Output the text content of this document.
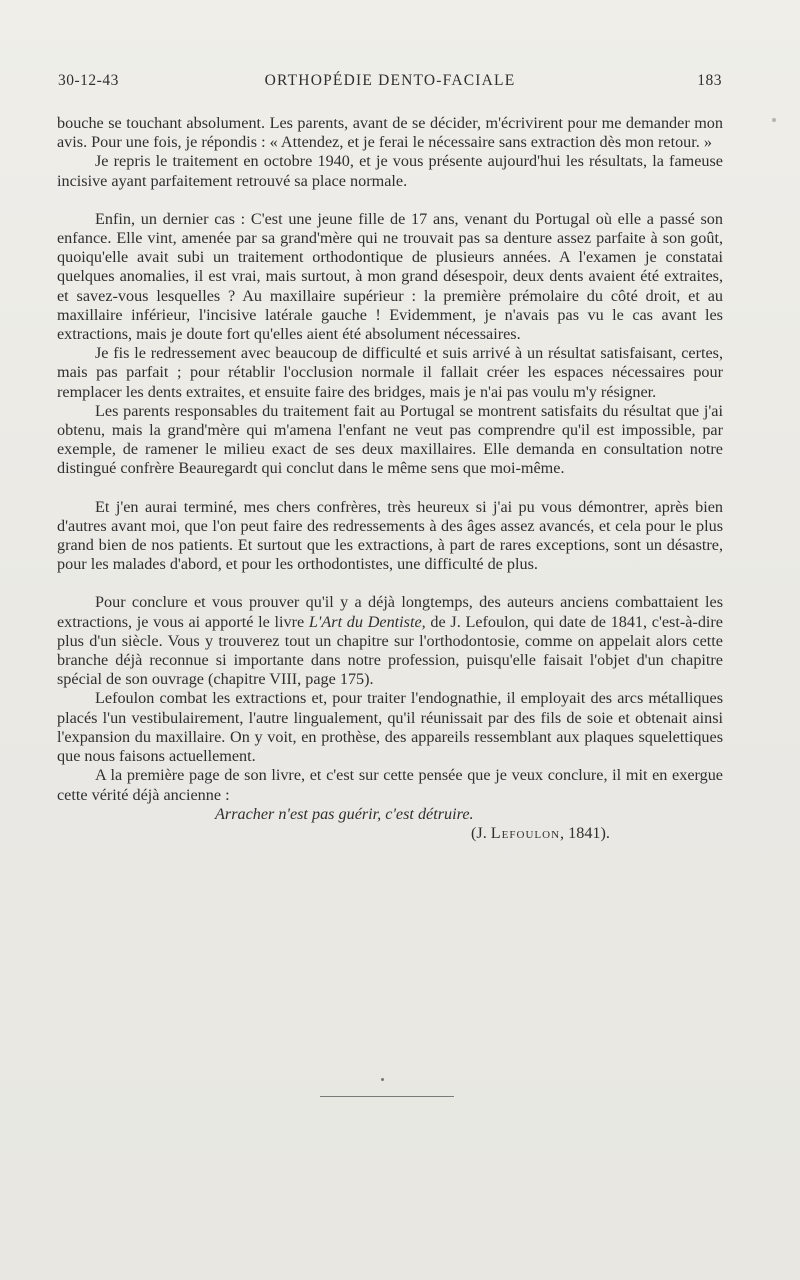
30-12-43	ORTHOPÉDIE DENTO-FACIALE	183

bouche se touchant absolument. Les parents, avant de se décider, m'écrivirent pour me demander mon avis. Pour une fois, je répondis : « Attendez, et je ferai le nécessaire sans extraction dès mon retour. »

Je repris le traitement en octobre 1940, et je vous présente aujourd'hui les résultats, la fameuse incisive ayant parfaitement retrouvé sa place normale.

Enfin, un dernier cas : C'est une jeune fille de 17 ans, venant du Portugal où elle a passé son enfance. Elle vint, amenée par sa grand'mère qui ne trouvait pas sa denture assez parfaite à son goût, quoiqu'elle avait subi un traitement orthodontique de plusieurs années. A l'examen je constatai quelques anomalies, il est vrai, mais surtout, à mon grand désespoir, deux dents avaient été extraites, et savez-vous lesquelles ? Au maxillaire supérieur : la première prémolaire du côté droit, et au maxillaire inférieur, l'incisive latérale gauche ! Evidemment, je n'avais pas vu le cas avant les extractions, mais je doute fort qu'elles aient été absolument nécessaires.

Je fis le redressement avec beaucoup de difficulté et suis arrivé à un résultat satisfaisant, certes, mais pas parfait ; pour rétablir l'occlusion normale il fallait créer les espaces nécessaires pour remplacer les dents extraites, et ensuite faire des bridges, mais je n'ai pas voulu m'y résigner.

Les parents responsables du traitement fait au Portugal se montrent satisfaits du résultat que j'ai obtenu, mais la grand'mère qui m'amena l'enfant ne veut pas comprendre qu'il est impossible, par exemple, de ramener le milieu exact de ses deux maxillaires. Elle demanda en consultation notre distingué confrère Beauregardt qui conclut dans le même sens que moi-même.

Et j'en aurai terminé, mes chers confrères, très heureux si j'ai pu vous démontrer, après bien d'autres avant moi, que l'on peut faire des redressements à des âges assez avancés, et cela pour le plus grand bien de nos patients. Et surtout que les extractions, à part de rares exceptions, sont un désastre, pour les malades d'abord, et pour les orthodontistes, une difficulté de plus.

Pour conclure et vous prouver qu'il y a déjà longtemps, des auteurs anciens combattaient les extractions, je vous ai apporté le livre L'Art du Dentiste, de J. Lefoulon, qui date de 1841, c'est-à-dire plus d'un siècle. Vous y trouverez tout un chapitre sur l'orthodontosie, comme on appelait alors cette branche déjà reconnue si importante dans notre profession, puisqu'elle faisait l'objet d'un chapitre spécial de son ouvrage (chapitre VIII, page 175).

Lefoulon combat les extractions et, pour traiter l'endognathie, il employait des arcs métalliques placés l'un vestibulairement, l'autre lingualement, qu'il réunissait par des fils de soie et obtenait ainsi l'expansion du maxillaire. On y voit, en prothèse, des appareils ressemblant aux plaques squelettiques que nous faisons actuellement.

A la première page de son livre, et c'est sur cette pensée que je veux conclure, il mit en exergue cette vérité déjà ancienne :

Arracher n'est pas guérir, c'est détruire.

(J. Lefoulon, 1841).
